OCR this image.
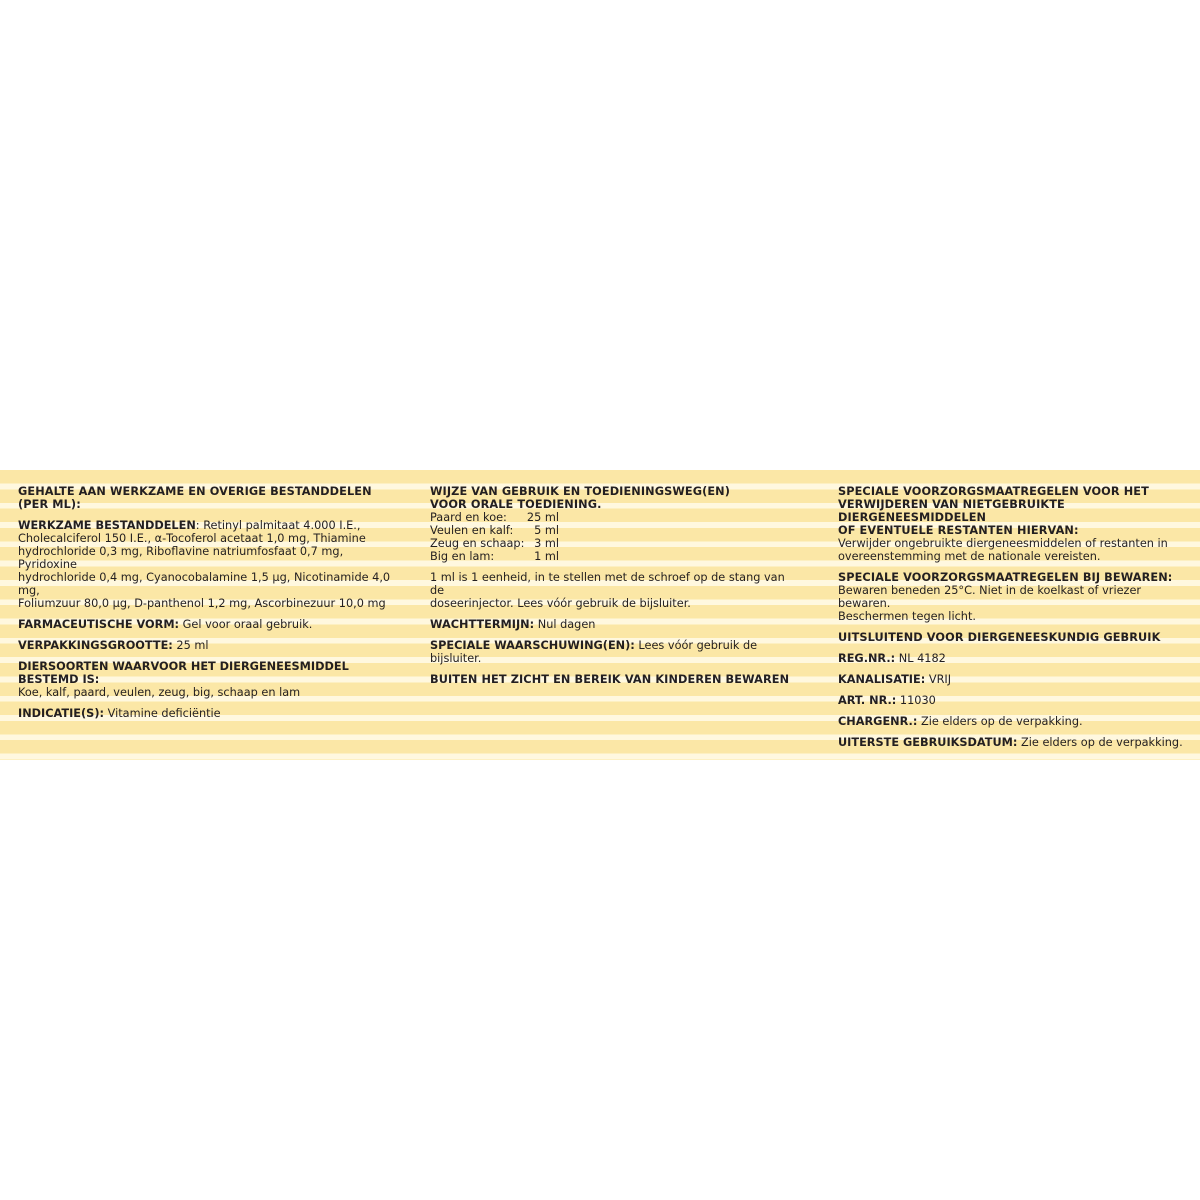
GEHALTE AAN WERKZAME EN OVERIGE BESTANDDELEN (PER ML):
WERKZAME BESTANDDELEN: Retinyl palmitaat 4.000 I.E.,
Cholecalciferol 150 I.E., α-Tocoferol acetaat 1,0 mg, Thiamine
hydrochloride 0,3 mg, Riboflavine natriumfosfaat 0,7 mg, Pyridoxine
hydrochloride 0,4 mg, Cyanocobalamine 1,5 µg, Nicotinamide 4,0 mg,
Foliumzuur 80,0 µg, D-panthenol 1,2 mg, Ascorbinezuur 10,0 mg
FARMACEUTISCHE VORM: Gel voor oraal gebruik.
VERPAKKINGSGROOTTE: 25 ml
DIERSOORTEN WAARVOOR HET DIERGENEESMIDDEL BESTEMD IS:
Koe, kalf, paard, veulen, zeug, big, schaap en lam
INDICATIE(S): Vitamine deficiëntie
WIJZE VAN GEBRUIK EN TOEDIENINGSWEG(EN)
VOOR ORALE TOEDIENING.
Paard en koe:	25 ml
Veulen en kalf:	5 ml
Zeug en schaap: 3 ml
Big en lam:	1 ml
1 ml is 1 eenheid, in te stellen met de schroef op de stang van de
doseerinjector. Lees vóór gebruik de bijsluiter.
WACHTTERMIJN: Nul dagen
SPECIALE WAARSCHUWING(EN): Lees vóór gebruik de bijsluiter.
BUITEN HET ZICHT EN BEREIK VAN KINDEREN BEWAREN
SPECIALE VOORZORGSMAATREGELEN VOOR HET
VERWIJDEREN VAN NIETGEBRUIKTE DIERGENEESMIDDELEN
OF EVENTUELE RESTANTEN HIERVAN:
Verwijder ongebruikte diergeneesmiddelen of restanten in
overeenstemming met de nationale vereisten.
SPECIALE VOORZORGSMAATREGELEN BIJ BEWAREN:
Bewaren beneden 25°C. Niet in de koelkast of vriezer bewaren.
Beschermen tegen licht.
UITSLUITEND VOOR DIERGENEESKUNDIG GEBRUIK
REG.NR.: NL 4182
KANALISATIE: VRIJ
ART. NR.: 11030
CHARGENR.: Zie elders op de verpakking.
UITERSTE GEBRUIKSDATUM: Zie elders op de verpakking.
